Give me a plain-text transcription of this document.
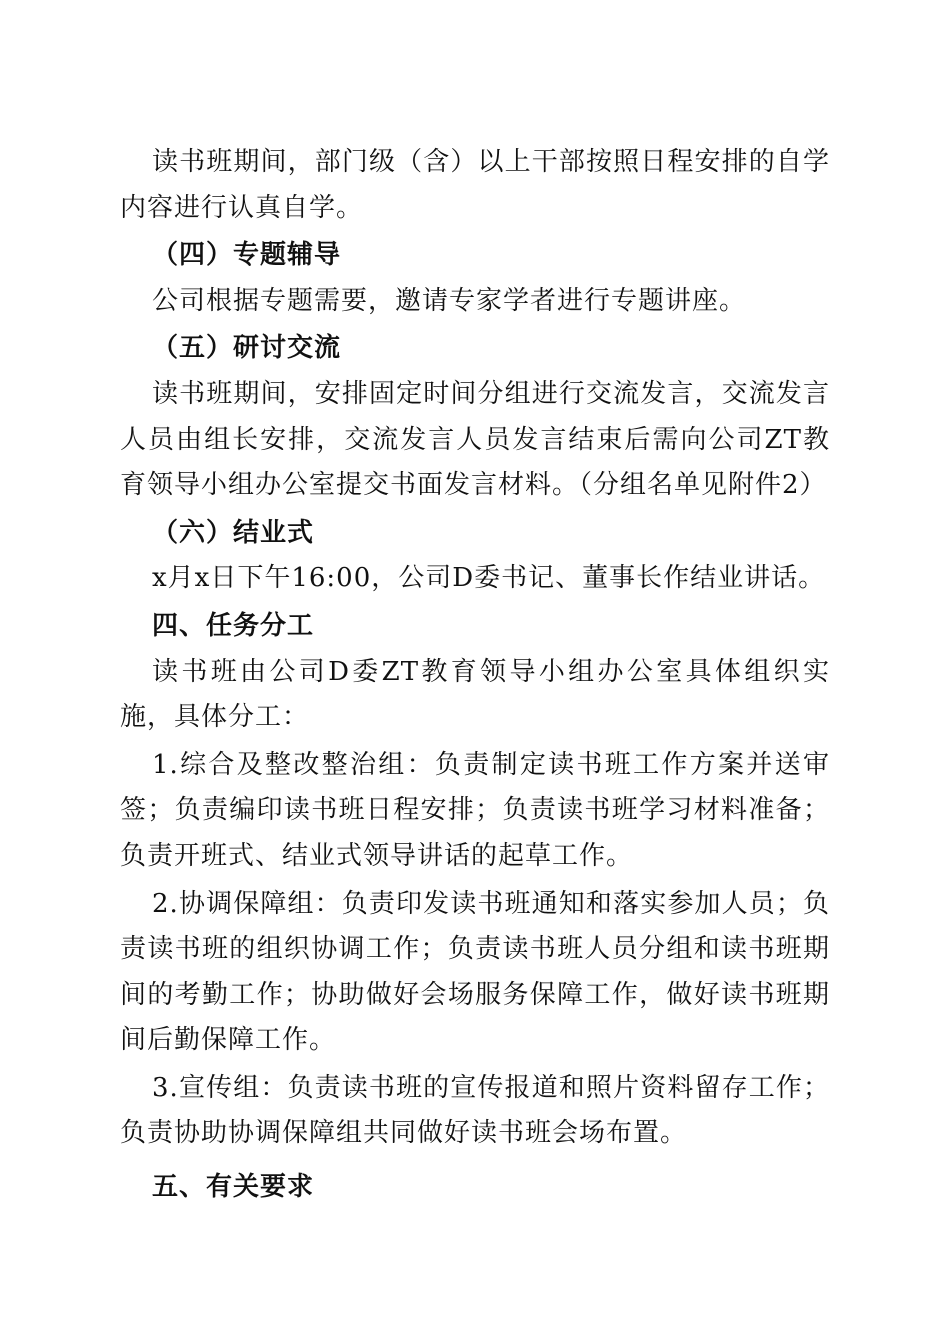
读书班期间，部门级（含）以上干部按照日程安排的自学内容进行认真自学。

（四）专题辅导

公司根据专题需要，邀请专家学者进行专题讲座。

（五）研讨交流

读书班期间，安排固定时间分组进行交流发言，交流发言人员由组长安排，交流发言人员发言结束后需向公司ZT教育领导小组办公室提交书面发言材料。（分组名单见附件2）

（六）结业式

x月x日下午16:00，公司D委书记、董事长作结业讲话。

四、任务分工

读书班由公司D委ZT教育领导小组办公室具体组织实施，具体分工：

1.综合及整改整治组：负责制定读书班工作方案并送审签；负责编印读书班日程安排；负责读书班学习材料准备；负责开班式、结业式领导讲话的起草工作。

2.协调保障组：负责印发读书班通知和落实参加人员；负责读书班的组织协调工作；负责读书班人员分组和读书班期间的考勤工作；协助做好会场服务保障工作，做好读书班期间后勤保障工作。

3.宣传组：负责读书班的宣传报道和照片资料留存工作；负责协助协调保障组共同做好读书班会场布置。

五、有关要求
